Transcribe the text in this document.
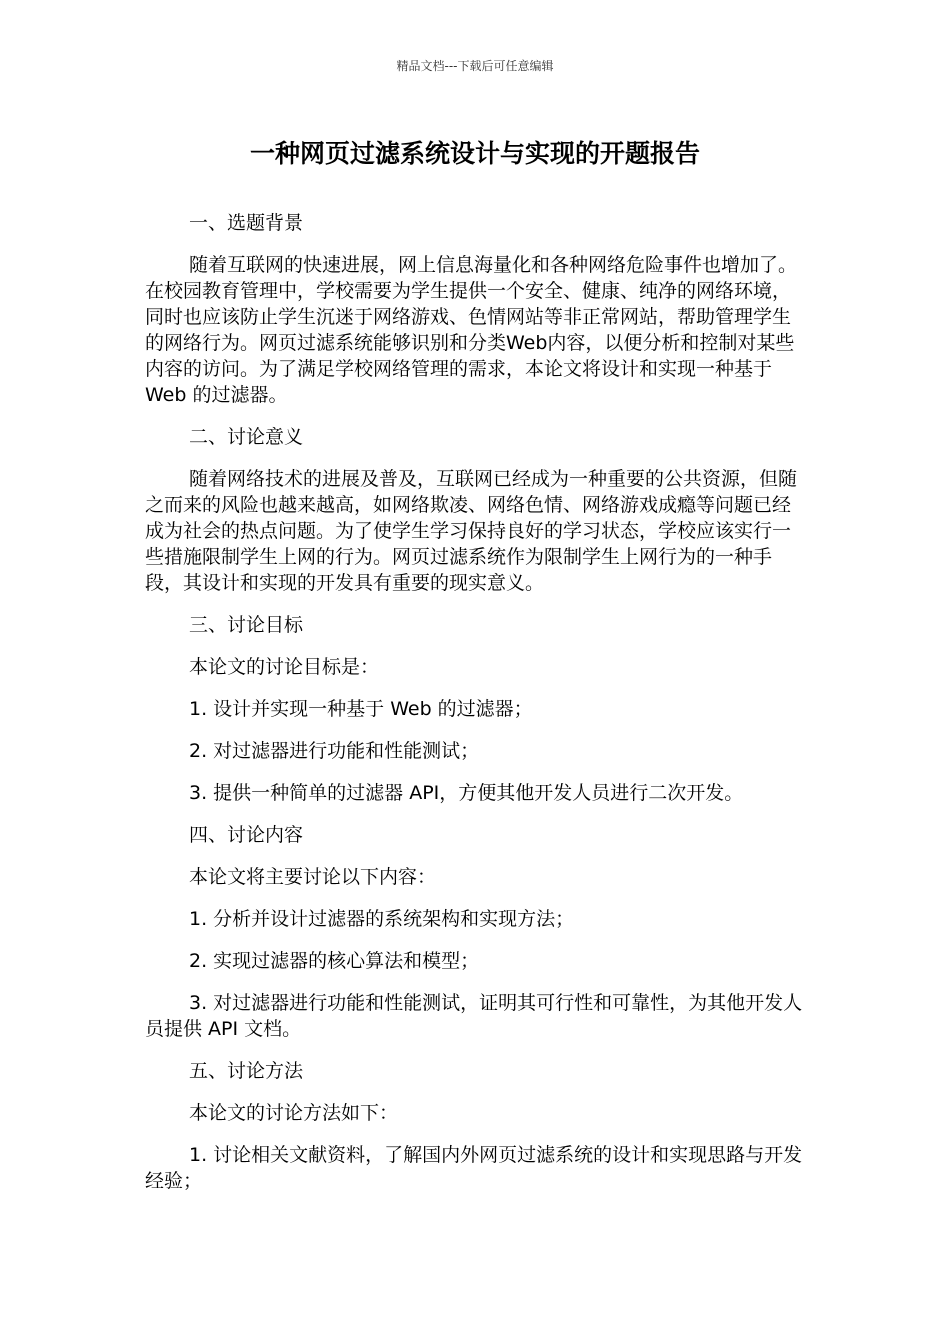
精品文档---下载后可任意编辑
一种网页过滤系统设计与实现的开题报告

一、选题背景

随着互联网的快速进展，网上信息海量化和各种网络危险事件也增加了。在校园教育管理中，学校需要为学生提供一个安全、健康、纯净的网络环境，同时也应该防止学生沉迷于网络游戏、色情网站等非正常网站，帮助管理学生的网络行为。网页过滤系统能够识别和分类Web内容，以便分析和控制对某些内容的访问。为了满足学校网络管理的需求，本论文将设计和实现一种基于 Web 的过滤器。

二、讨论意义

随着网络技术的进展及普及，互联网已经成为一种重要的公共资源，但随之而来的风险也越来越高，如网络欺凌、网络色情、网络游戏成瘾等问题已经成为社会的热点问题。为了使学生学习保持良好的学习状态，学校应该实行一些措施限制学生上网的行为。网页过滤系统作为限制学生上网行为的一种手段，其设计和实现的开发具有重要的现实意义。

三、讨论目标

本论文的讨论目标是：

1. 设计并实现一种基于 Web 的过滤器；

2. 对过滤器进行功能和性能测试；

3. 提供一种简单的过滤器 API，方便其他开发人员进行二次开发。

四、讨论内容

本论文将主要讨论以下内容：

1. 分析并设计过滤器的系统架构和实现方法；

2. 实现过滤器的核心算法和模型；

3. 对过滤器进行功能和性能测试，证明其可行性和可靠性，为其他开发人员提供 API 文档。

五、讨论方法

本论文的讨论方法如下：

1. 讨论相关文献资料，了解国内外网页过滤系统的设计和实现思路与开发经验；
